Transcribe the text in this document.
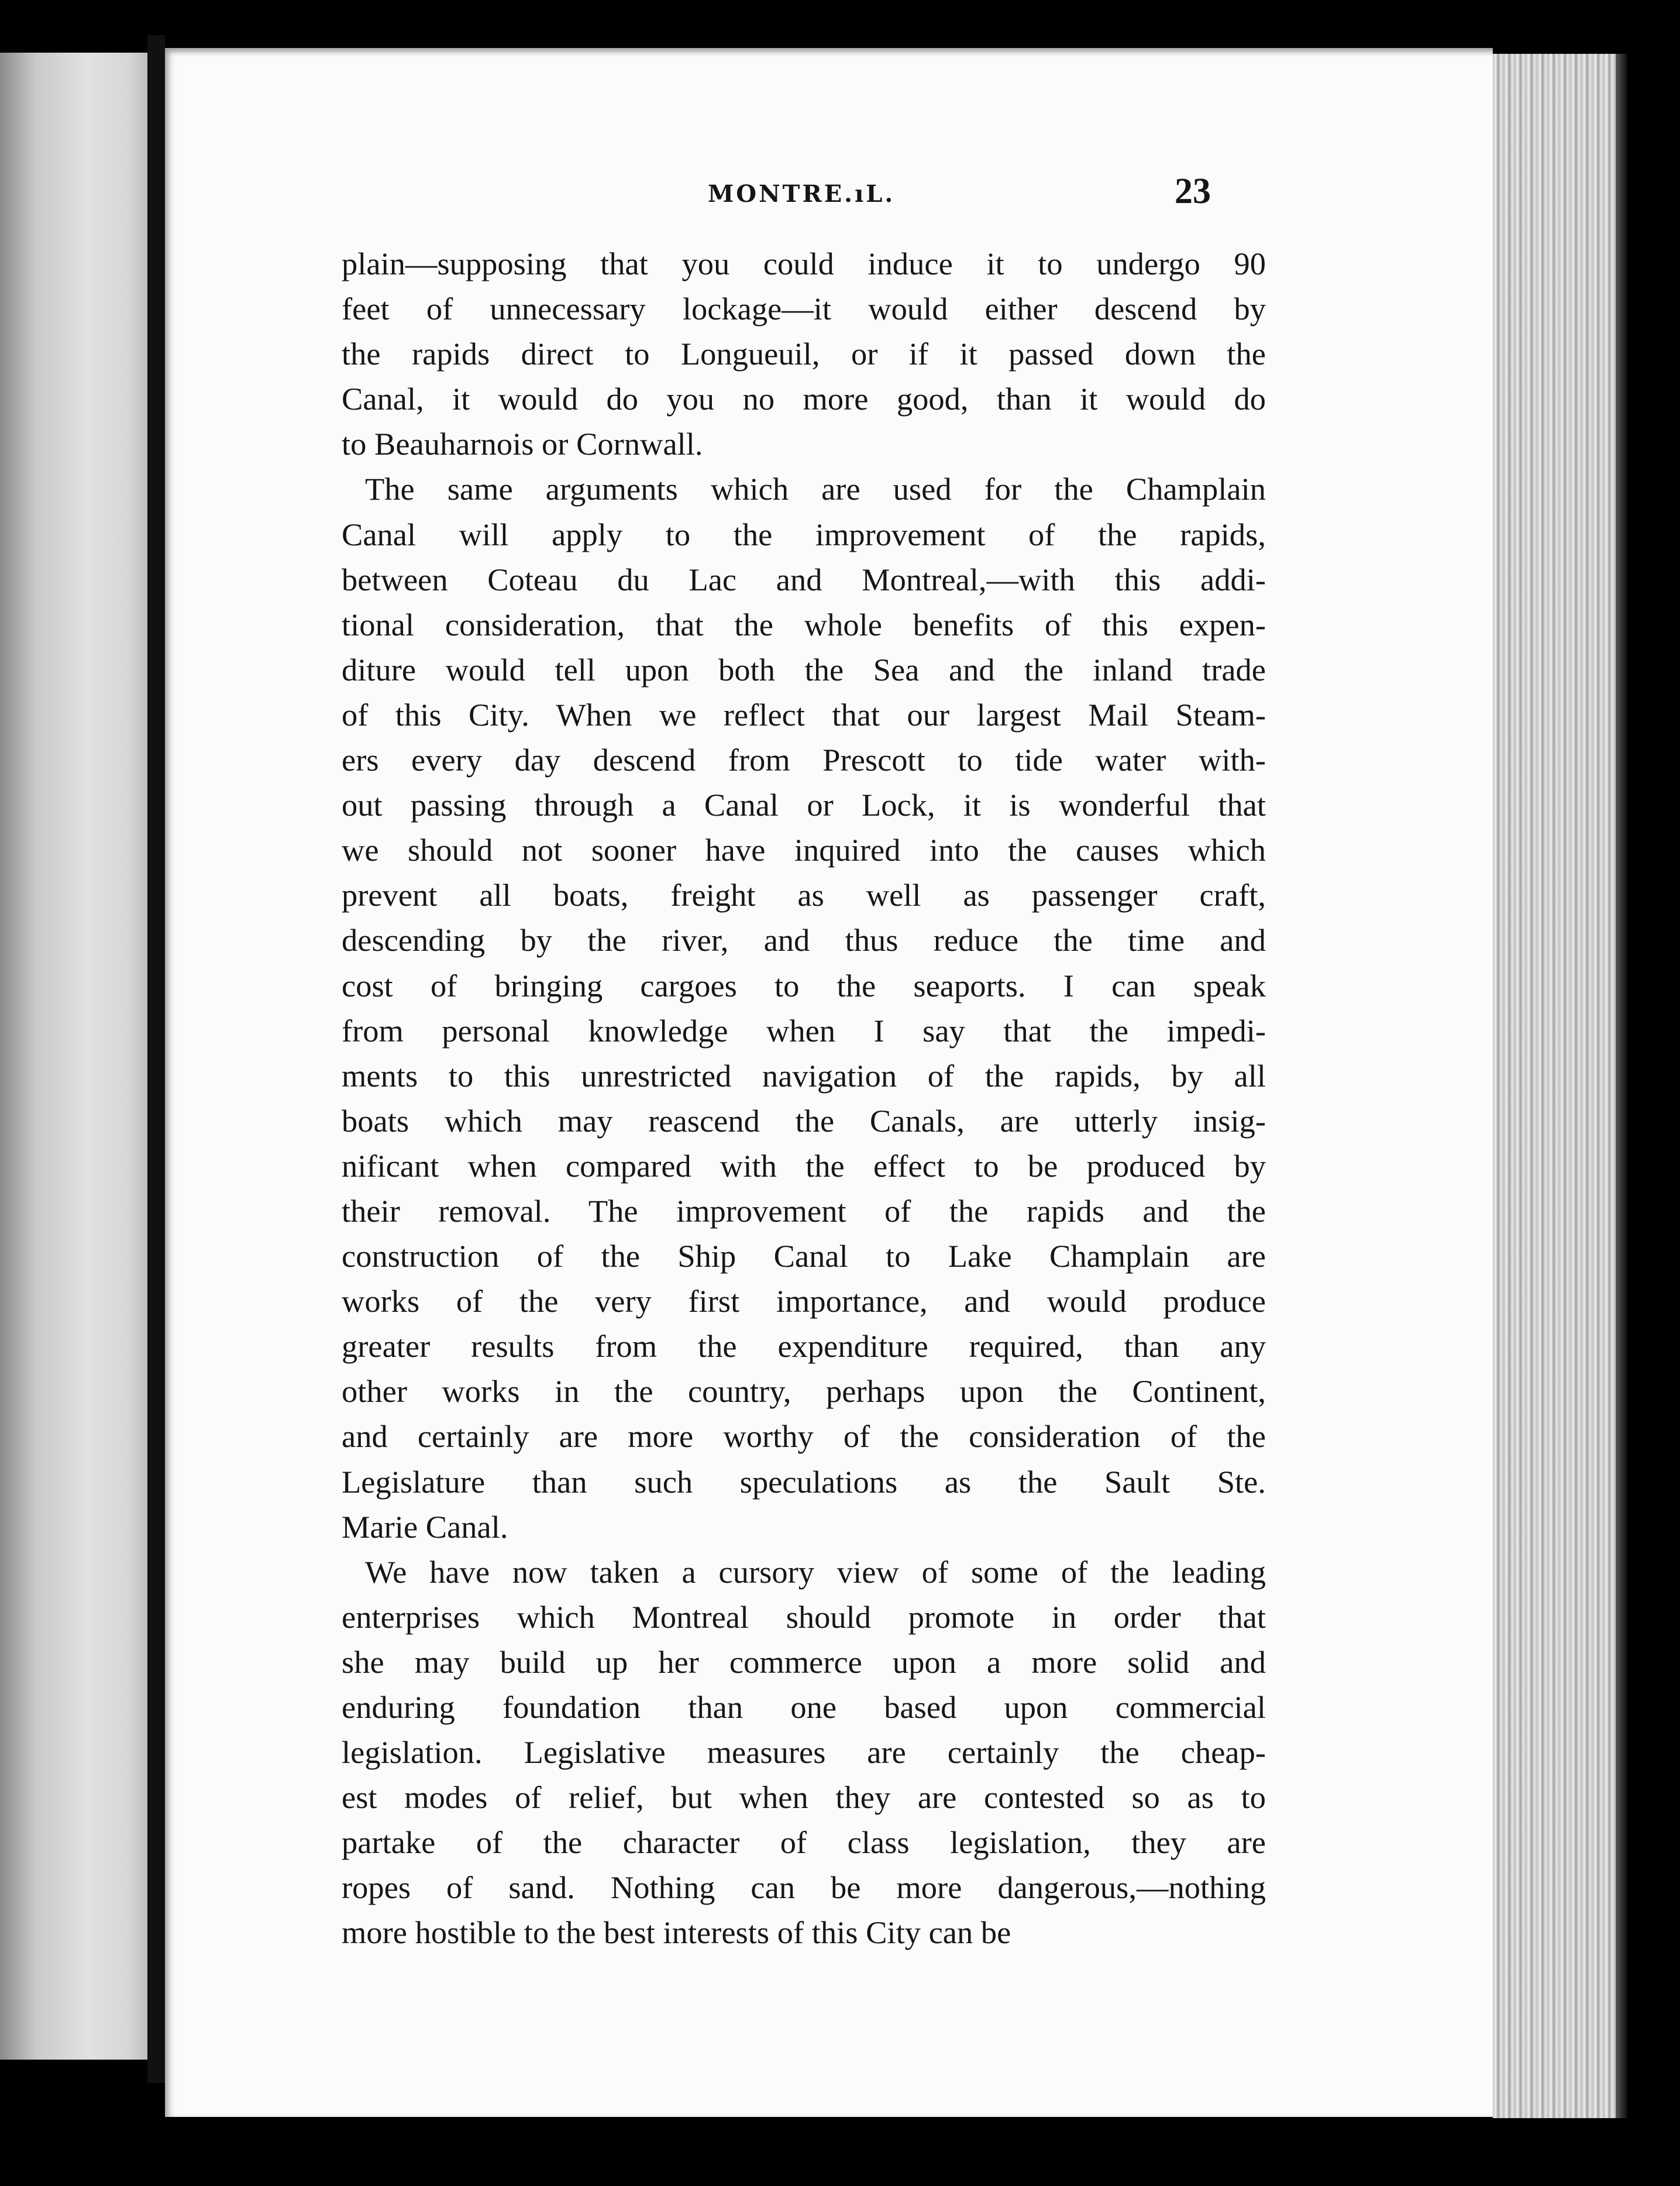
MONTRE.ıL.	23
plain—supposing that you could induce it to undergo 90
feet of unnecessary lockage—it would either descend by
the rapids direct to Longueuil, or if it passed down the
Canal, it would do you no more good, than it would do
to Beauharnois or Cornwall.
The same arguments which are used for the Champlain
Canal will apply to the improvement of the rapids,
between Coteau du Lac and Montreal,—with this addi-
tional consideration, that the whole benefits of this expen-
diture would tell upon both the Sea and the inland trade
of this City. When we reflect that our largest Mail Steam-
ers every day descend from Prescott to tide water with-
out passing through a Canal or Lock, it is wonderful that
we should not sooner have inquired into the causes which
prevent all boats, freight as well as passenger craft,
descending by the river, and thus reduce the time and
cost of bringing cargoes to the seaports. I can speak
from personal knowledge when I say that the impedi-
ments to this unrestricted navigation of the rapids, by all
boats which may reascend the Canals, are utterly insig-
nificant when compared with the effect to be produced by
their removal. The improvement of the rapids and the
construction of the Ship Canal to Lake Champlain are
works of the very first importance, and would produce
greater results from the expenditure required, than any
other works in the country, perhaps upon the Continent,
and certainly are more worthy of the consideration of the
Legislature than such speculations as the Sault Ste.
Marie Canal.
We have now taken a cursory view of some of the leading
enterprises which Montreal should promote in order that
she may build up her commerce upon a more solid and
enduring foundation than one based upon commercial
legislation. Legislative measures are certainly the cheap-
est modes of relief, but when they are contested so as to
partake of the character of class legislation, they are
ropes of sand. Nothing can be more dangerous,—nothing
more hostible to the best interests of this City can be
